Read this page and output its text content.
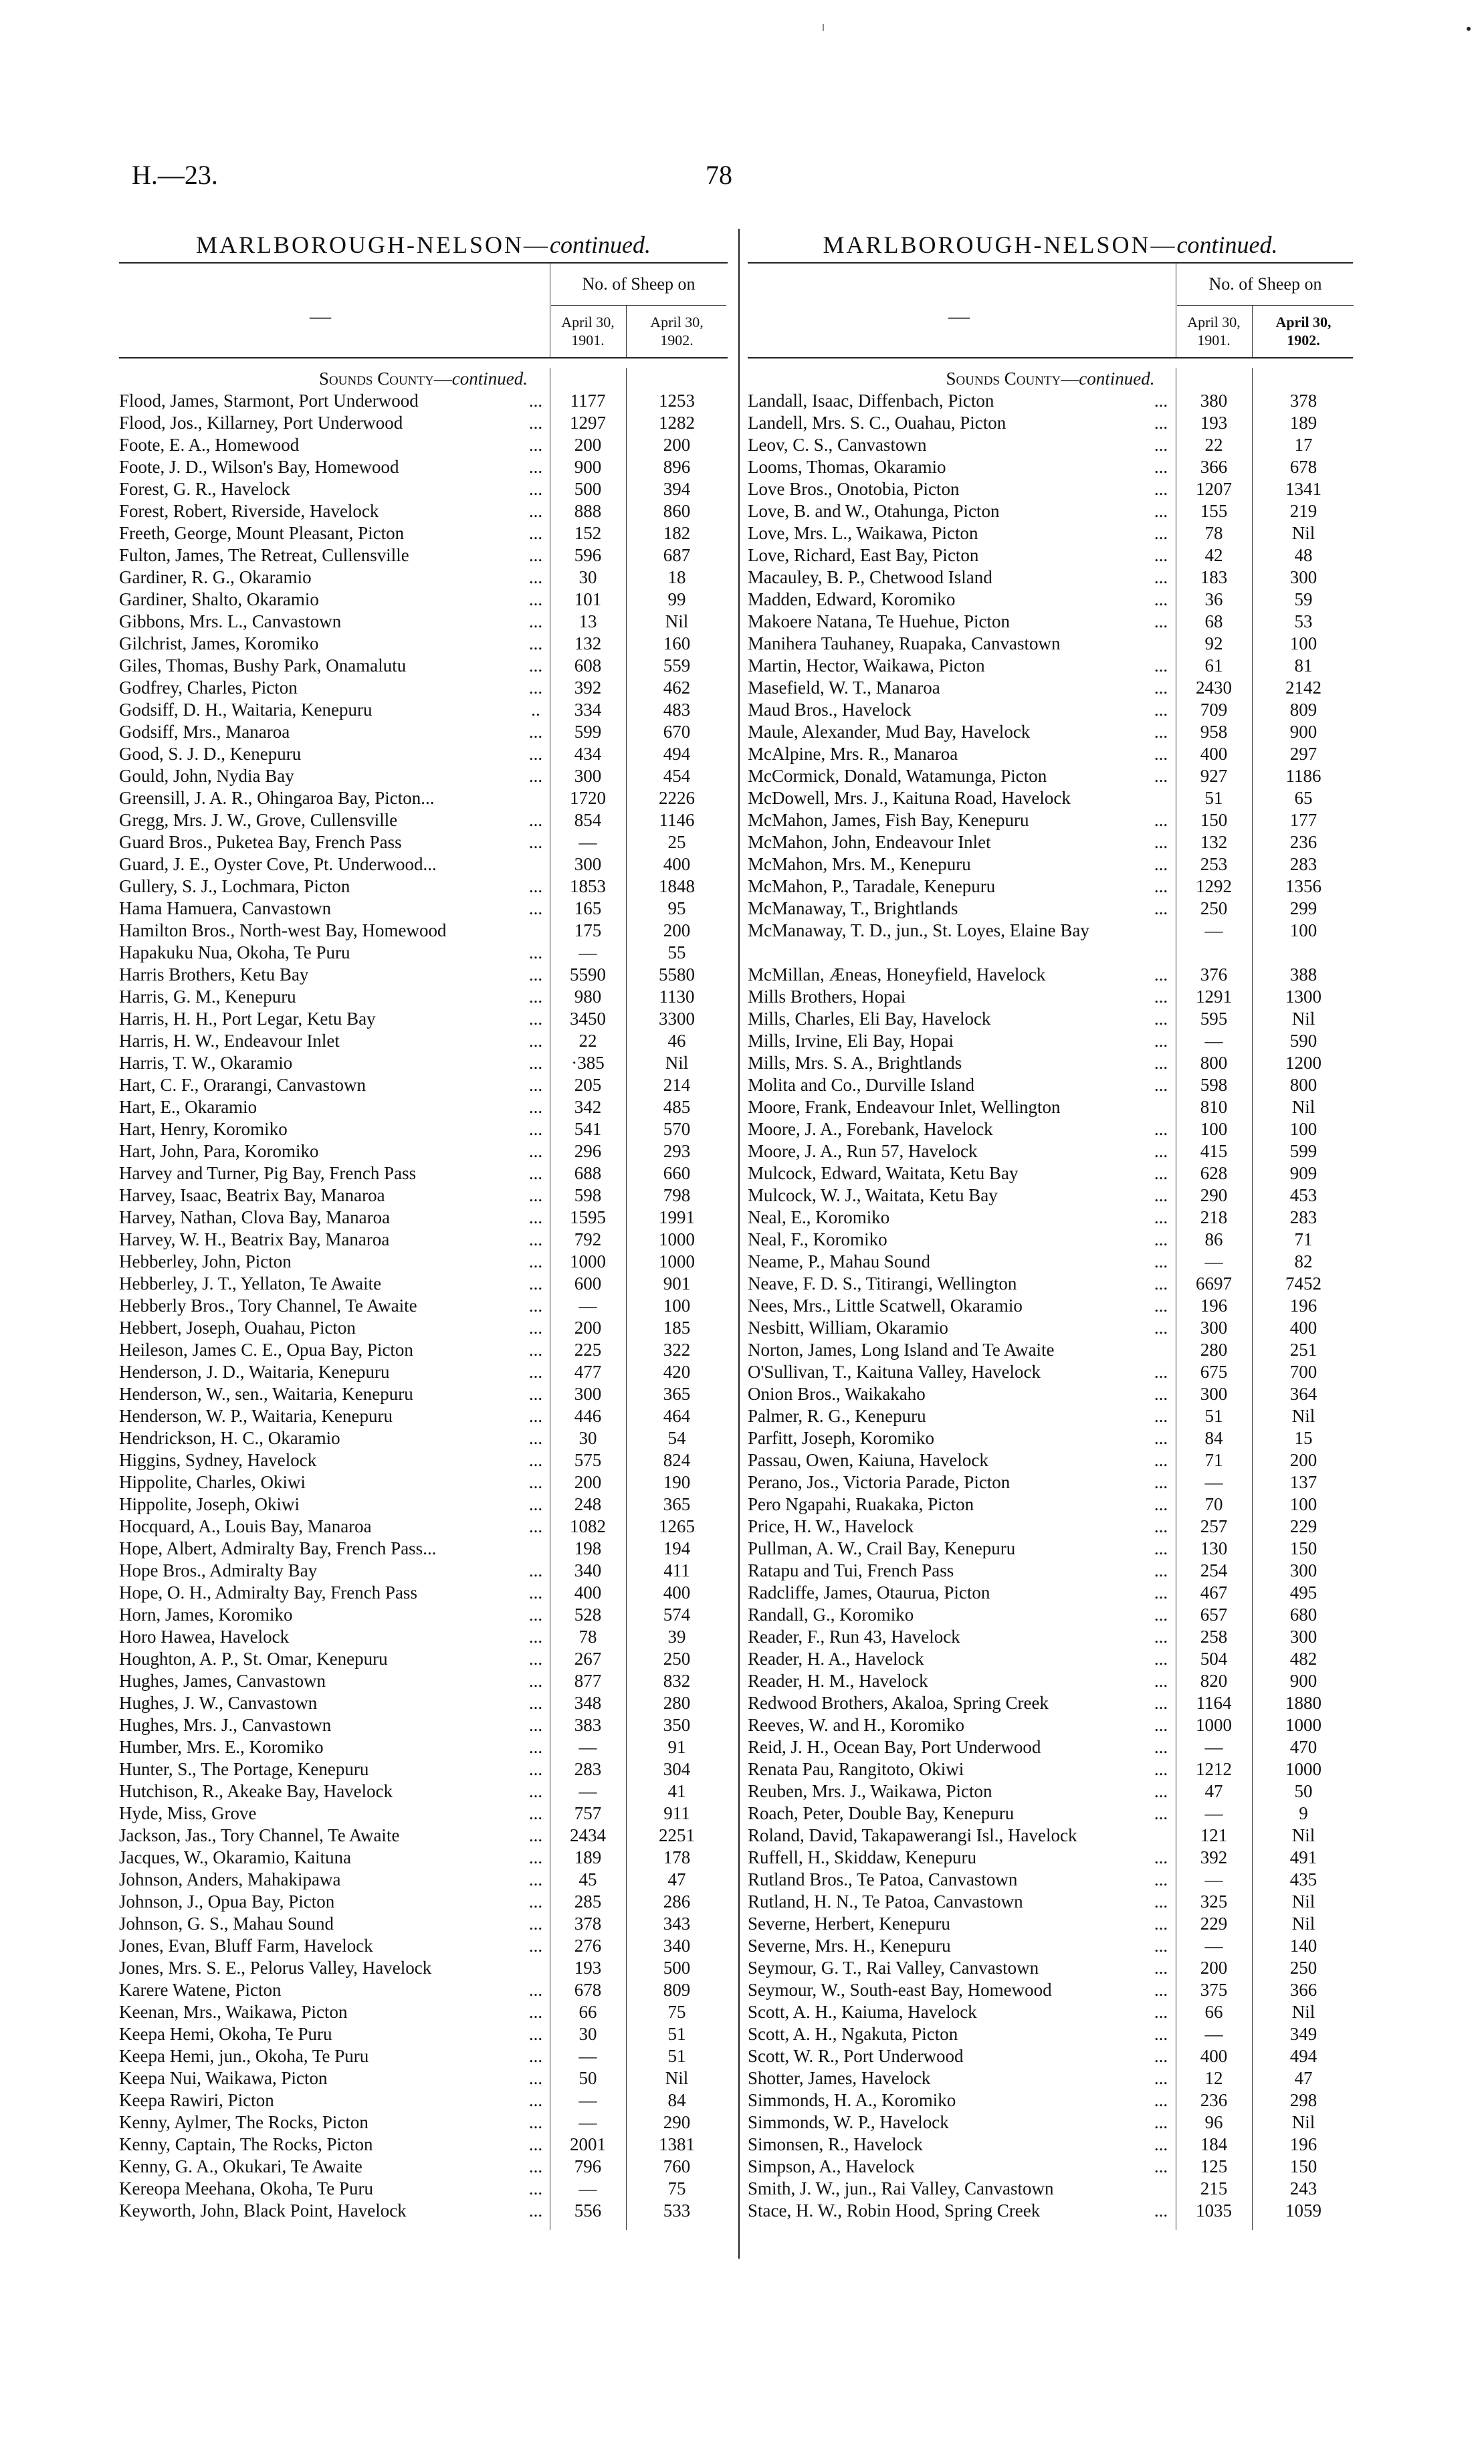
H.—23.	78
MARLBOROUGH-NELSON—continued.
—
No. of Sheep on
April 30,
1901.
April 30,
1902.
Sounds County—continued.
Flood, James, Starmont, Port Underwood	...	1177	1253
Flood, Jos., Killarney, Port Underwood	...	1297	1282
Foote, E. A., Homewood	...	200	200
Foote, J. D., Wilson's Bay, Homewood	...	900	896
Forest, G. R., Havelock	...	500	394
Forest, Robert, Riverside, Havelock	...	888	860
Freeth, George, Mount Pleasant, Picton	...	152	182
Fulton, James, The Retreat, Cullensville	...	596	687
Gardiner, R. G., Okaramio	...	30	18
Gardiner, Shalto, Okaramio	...	101	99
Gibbons, Mrs. L., Canvastown	...	13	Nil
Gilchrist, James, Koromiko	...	132	160
Giles, Thomas, Bushy Park, Onamalutu	...	608	559
Godfrey, Charles, Picton	...	392	462
Godsiff, D. H., Waitaria, Kenepuru	..	334	483
Godsiff, Mrs., Manaroa	...	599	670
Good, S. J. D., Kenepuru	...	434	494
Gould, John, Nydia Bay	...	300	454
Greensill, J. A. R., Ohingaroa Bay, Picton...	1720	2226
Gregg, Mrs. J. W., Grove, Cullensville	...	854	1146
Guard Bros., Puketea Bay, French Pass	...	—	25
Guard, J. E., Oyster Cove, Pt. Underwood...	300	400
Gullery, S. J., Lochmara, Picton	...	1853	1848
Hama Hamuera, Canvastown	...	165	95
Hamilton Bros., North-west Bay, Homewood	175	200
Hapakuku Nua, Okoha, Te Puru	...	—	55
Harris Brothers, Ketu Bay	...	5590	5580
Harris, G. M., Kenepuru	...	980	1130
Harris, H. H., Port Legar, Ketu Bay	...	3450	3300
Harris, H. W., Endeavour Inlet	...	22	46
Harris, T. W., Okaramio	...	·385	Nil
Hart, C. F., Orarangi, Canvastown	...	205	214
Hart, E., Okaramio	...	342	485
Hart, Henry, Koromiko	...	541	570
Hart, John, Para, Koromiko	...	296	293
Harvey and Turner, Pig Bay, French Pass	...	688	660
Harvey, Isaac, Beatrix Bay, Manaroa	...	598	798
Harvey, Nathan, Clova Bay, Manaroa	...	1595	1991
Harvey, W. H., Beatrix Bay, Manaroa	...	792	1000
Hebberley, John, Picton	...	1000	1000
Hebberley, J. T., Yellaton, Te Awaite	...	600	901
Hebberly Bros., Tory Channel, Te Awaite	...	—	100
Hebbert, Joseph, Ouahau, Picton	...	200	185
Heileson, James C. E., Opua Bay, Picton	...	225	322
Henderson, J. D., Waitaria, Kenepuru	...	477	420
Henderson, W., sen., Waitaria, Kenepuru	...	300	365
Henderson, W. P., Waitaria, Kenepuru	...	446	464
Hendrickson, H. C., Okaramio	...	30	54
Higgins, Sydney, Havelock	...	575	824
Hippolite, Charles, Okiwi	...	200	190
Hippolite, Joseph, Okiwi	...	248	365
Hocquard, A., Louis Bay, Manaroa	...	1082	1265
Hope, Albert, Admiralty Bay, French Pass...	198	194
Hope Bros., Admiralty Bay	...	340	411
Hope, O. H., Admiralty Bay, French Pass	...	400	400
Horn, James, Koromiko	...	528	574
Horo Hawea, Havelock	...	78	39
Houghton, A. P., St. Omar, Kenepuru	...	267	250
Hughes, James, Canvastown	...	877	832
Hughes, J. W., Canvastown	...	348	280
Hughes, Mrs. J., Canvastown	...	383	350
Humber, Mrs. E., Koromiko	...	—	91
Hunter, S., The Portage, Kenepuru	...	283	304
Hutchison, R., Akeake Bay, Havelock	...	—	41
Hyde, Miss, Grove	...	757	911
Jackson, Jas., Tory Channel, Te Awaite	...	2434	2251
Jacques, W., Okaramio, Kaituna	...	189	178
Johnson, Anders, Mahakipawa	...	45	47
Johnson, J., Opua Bay, Picton	...	285	286
Johnson, G. S., Mahau Sound	...	378	343
Jones, Evan, Bluff Farm, Havelock	...	276	340
Jones, Mrs. S. E., Pelorus Valley, Havelock	193	500
Karere Watene, Picton	...	678	809
Keenan, Mrs., Waikawa, Picton	...	66	75
Keepa Hemi, Okoha, Te Puru	...	30	51
Keepa Hemi, jun., Okoha, Te Puru	...	—	51
Keepa Nui, Waikawa, Picton	...	50	Nil
Keepa Rawiri, Picton	...	—	84
Kenny, Aylmer, The Rocks, Picton	...	—	290
Kenny, Captain, The Rocks, Picton	...	2001	1381
Kenny, G. A., Okukari, Te Awaite	...	796	760
Kereopa Meehana, Okoha, Te Puru	...	—	75
Keyworth, John, Black Point, Havelock	...	556	533
MARLBOROUGH-NELSON—continued.
—
No. of Sheep on
April 30,
1901.
April 30,
1902.
Sounds County—continued.
Landall, Isaac, Diffenbach, Picton	...	380	378
Landell, Mrs. S. C., Ouahau, Picton	...	193	189
Leov, C. S., Canvastown	...	22	17
Looms, Thomas, Okaramio	...	366	678
Love Bros., Onotobia, Picton	...	1207	1341
Love, B. and W., Otahunga, Picton	...	155	219
Love, Mrs. L., Waikawa, Picton	...	78	Nil
Love, Richard, East Bay, Picton	...	42	48
Macauley, B. P., Chetwood Island	...	183	300
Madden, Edward, Koromiko	...	36	59
Makoere Natana, Te Huehue, Picton	...	68	53
Manihera Tauhaney, Ruapaka, Canvastown	92	100
Martin, Hector, Waikawa, Picton	...	61	81
Masefield, W. T., Manaroa	...	2430	2142
Maud Bros., Havelock	...	709	809
Maule, Alexander, Mud Bay, Havelock	...	958	900
McAlpine, Mrs. R., Manaroa	...	400	297
McCormick, Donald, Watamunga, Picton	...	927	1186
McDowell, Mrs. J., Kaituna Road, Havelock	51	65
McMahon, James, Fish Bay, Kenepuru	...	150	177
McMahon, John, Endeavour Inlet	...	132	236
McMahon, Mrs. M., Kenepuru	...	253	283
McMahon, P., Taradale, Kenepuru	...	1292	1356
McManaway, T., Brightlands	...	250	299
McManaway, T. D., jun., St. Loyes, Elaine Bay	—	100
McMillan, Æneas, Honeyfield, Havelock	...	376	388
Mills Brothers, Hopai	...	1291	1300
Mills, Charles, Eli Bay, Havelock	...	595	Nil
Mills, Irvine, Eli Bay, Hopai	...	—	590
Mills, Mrs. S. A., Brightlands	...	800	1200
Molita and Co., Durville Island	...	598	800
Moore, Frank, Endeavour Inlet, Wellington	810	Nil
Moore, J. A., Forebank, Havelock	...	100	100
Moore, J. A., Run 57, Havelock	...	415	599
Mulcock, Edward, Waitata, Ketu Bay	...	628	909
Mulcock, W. J., Waitata, Ketu Bay	...	290	453
Neal, E., Koromiko	...	218	283
Neal, F., Koromiko	...	86	71
Neame, P., Mahau Sound	...	—	82
Neave, F. D. S., Titirangi, Wellington	...	6697	7452
Nees, Mrs., Little Scatwell, Okaramio	...	196	196
Nesbitt, William, Okaramio	...	300	400
Norton, James, Long Island and Te Awaite	280	251
O'Sullivan, T., Kaituna Valley, Havelock	...	675	700
Onion Bros., Waikakaho	...	300	364
Palmer, R. G., Kenepuru	...	51	Nil
Parfitt, Joseph, Koromiko	...	84	15
Passau, Owen, Kaiuna, Havelock	...	71	200
Perano, Jos., Victoria Parade, Picton	...	—	137
Pero Ngapahi, Ruakaka, Picton	...	70	100
Price, H. W., Havelock	...	257	229
Pullman, A. W., Crail Bay, Kenepuru	...	130	150
Ratapu and Tui, French Pass	...	254	300
Radcliffe, James, Otaurua, Picton	...	467	495
Randall, G., Koromiko	...	657	680
Reader, F., Run 43, Havelock	...	258	300
Reader, H. A., Havelock	...	504	482
Reader, H. M., Havelock	...	820	900
Redwood Brothers, Akaloa, Spring Creek	...	1164	1880
Reeves, W. and H., Koromiko	...	1000	1000
Reid, J. H., Ocean Bay, Port Underwood	...	—	470
Renata Pau, Rangitoto, Okiwi	...	1212	1000
Reuben, Mrs. J., Waikawa, Picton	...	47	50
Roach, Peter, Double Bay, Kenepuru	...	—	9
Roland, David, Takapawerangi Isl., Havelock	121	Nil
Ruffell, H., Skiddaw, Kenepuru	...	392	491
Rutland Bros., Te Patoa, Canvastown	...	—	435
Rutland, H. N., Te Patoa, Canvastown	...	325	Nil
Severne, Herbert, Kenepuru	...	229	Nil
Severne, Mrs. H., Kenepuru	...	—	140
Seymour, G. T., Rai Valley, Canvastown	...	200	250
Seymour, W., South-east Bay, Homewood	...	375	366
Scott, A. H., Kaiuma, Havelock	...	66	Nil
Scott, A. H., Ngakuta, Picton	...	—	349
Scott, W. R., Port Underwood	...	400	494
Shotter, James, Havelock	...	12	47
Simmonds, H. A., Koromiko	...	236	298
Simmonds, W. P., Havelock	...	96	Nil
Simonsen, R., Havelock	...	184	196
Simpson, A., Havelock	...	125	150
Smith, J. W., jun., Rai Valley, Canvastown	215	243
Stace, H. W., Robin Hood, Spring Creek	...	1035	1059
